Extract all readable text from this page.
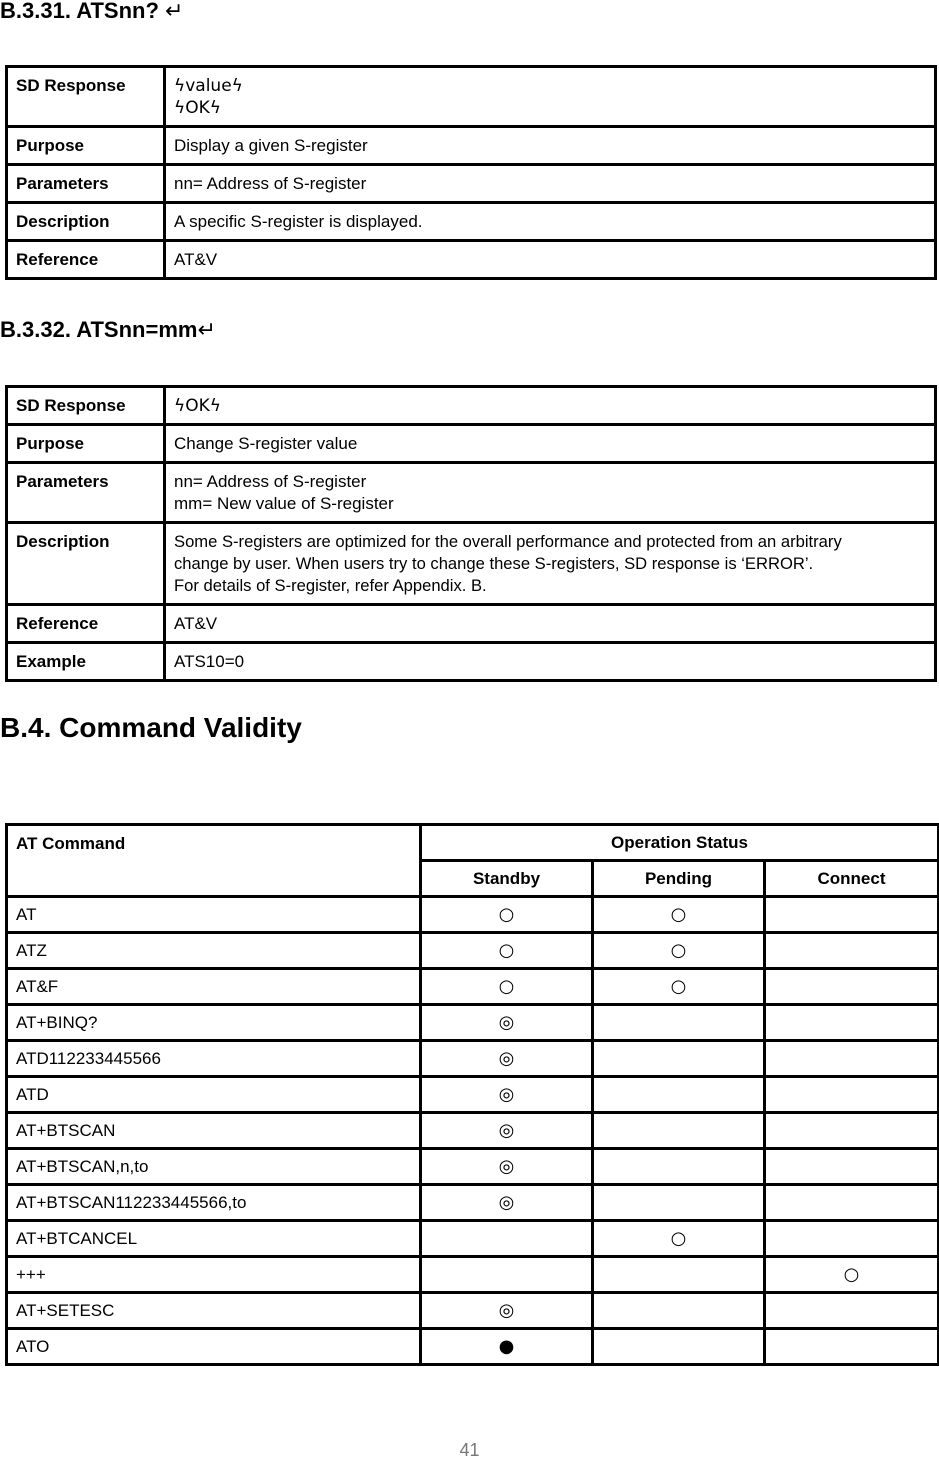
B.3.31. ATSnn? ↵
SD Response	ϟvalueϟ
ϟOKϟ

Purpose	Display a given S-register
Parameters	nn= Address of S-register
Description	A specific S-register is displayed.
Reference	AT&V
B.3.32. ATSnn=mm↵
SD Response	ϟOKϟ
Purpose	Change S-register value
Parameters	nn= Address of S-register
mm= New value of S-register

Description	Some S-registers are optimized for the overall performance and protected from an arbitrary
change by user. When users try to change these S-registers, SD response is ‘ERROR’.
For details of S-register, refer Appendix. B.

Reference	AT&V
Example	ATS10=0
B.4. Command Validity
AT Command	Operation Status		
	Standby	Pending	Connect
AT	○	○	
ATZ	○	○	
AT&F	○	○	
AT+BINQ?	◎		
ATD112233445566	◎		
ATD	◎		
AT+BTSCAN	◎		
AT+BTSCAN,n,to	◎		
AT+BTSCAN112233445566,to	◎		
AT+BTCANCEL		○	
+++			○
AT+SETESC	◎		
ATO	●		
41
